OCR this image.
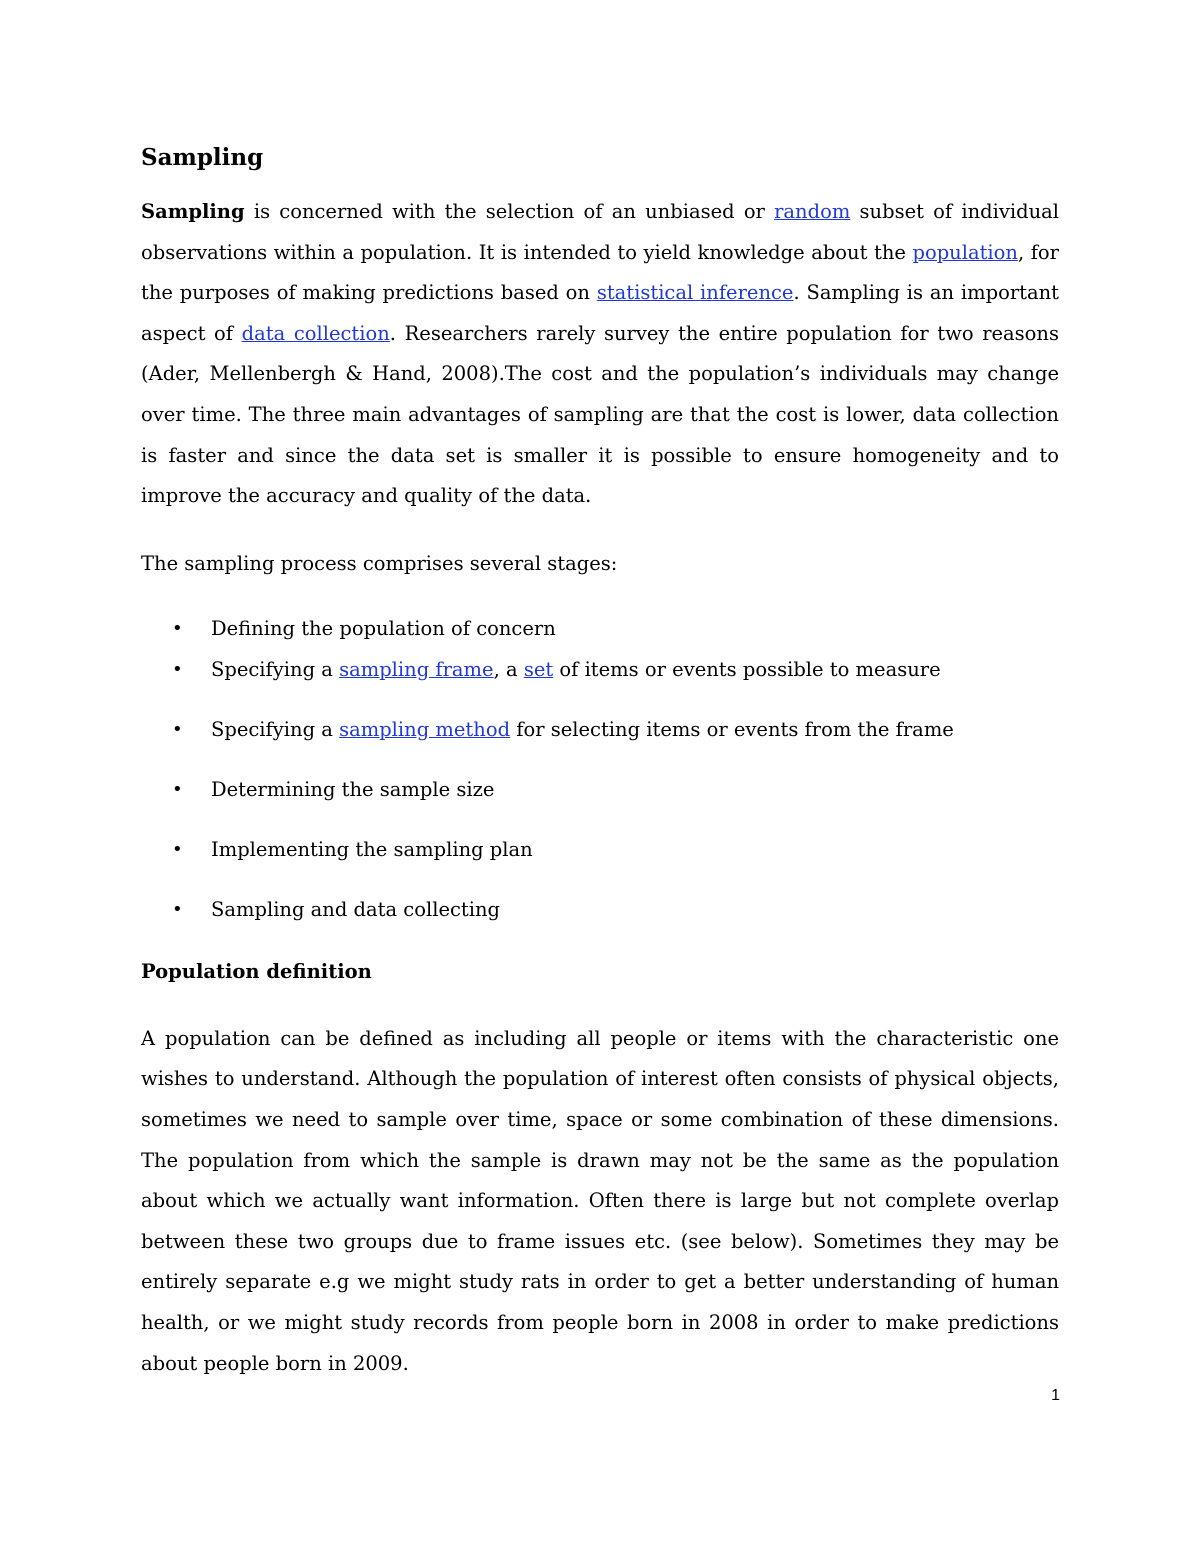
Sampling

Sampling is concerned with the selection of an unbiased or random subset of individual observations within a population. It is intended to yield knowledge about the population, for the purposes of making predictions based on statistical inference. Sampling is an important aspect of data collection. Researchers rarely survey the entire population for two reasons (Ader, Mellenbergh & Hand, 2008).The cost and the population’s individuals may change over time. The three main advantages of sampling are that the cost is lower, data collection is faster and since the data set is smaller it is possible to ensure homogeneity and to improve the accuracy and quality of the data.

The sampling process comprises several stages:
• Defining the population of concern
• Specifying a sampling frame, a set of items or events possible to measure
• Specifying a sampling method for selecting items or events from the frame
• Determining the sample size
• Implementing the sampling plan
• Sampling and data collecting
Population definition

A population can be defined as including all people or items with the characteristic one wishes to understand. Although the population of interest often consists of physical objects, sometimes we need to sample over time, space or some combination of these dimensions. The population from which the sample is drawn may not be the same as the population about which we actually want information. Often there is large but not complete overlap between these two groups due to frame issues etc. (see below). Sometimes they may be entirely separate e.g we might study rats in order to get a better understanding of human health, or we might study records from people born in 2008 in order to make predictions about people born in 2009.

1
